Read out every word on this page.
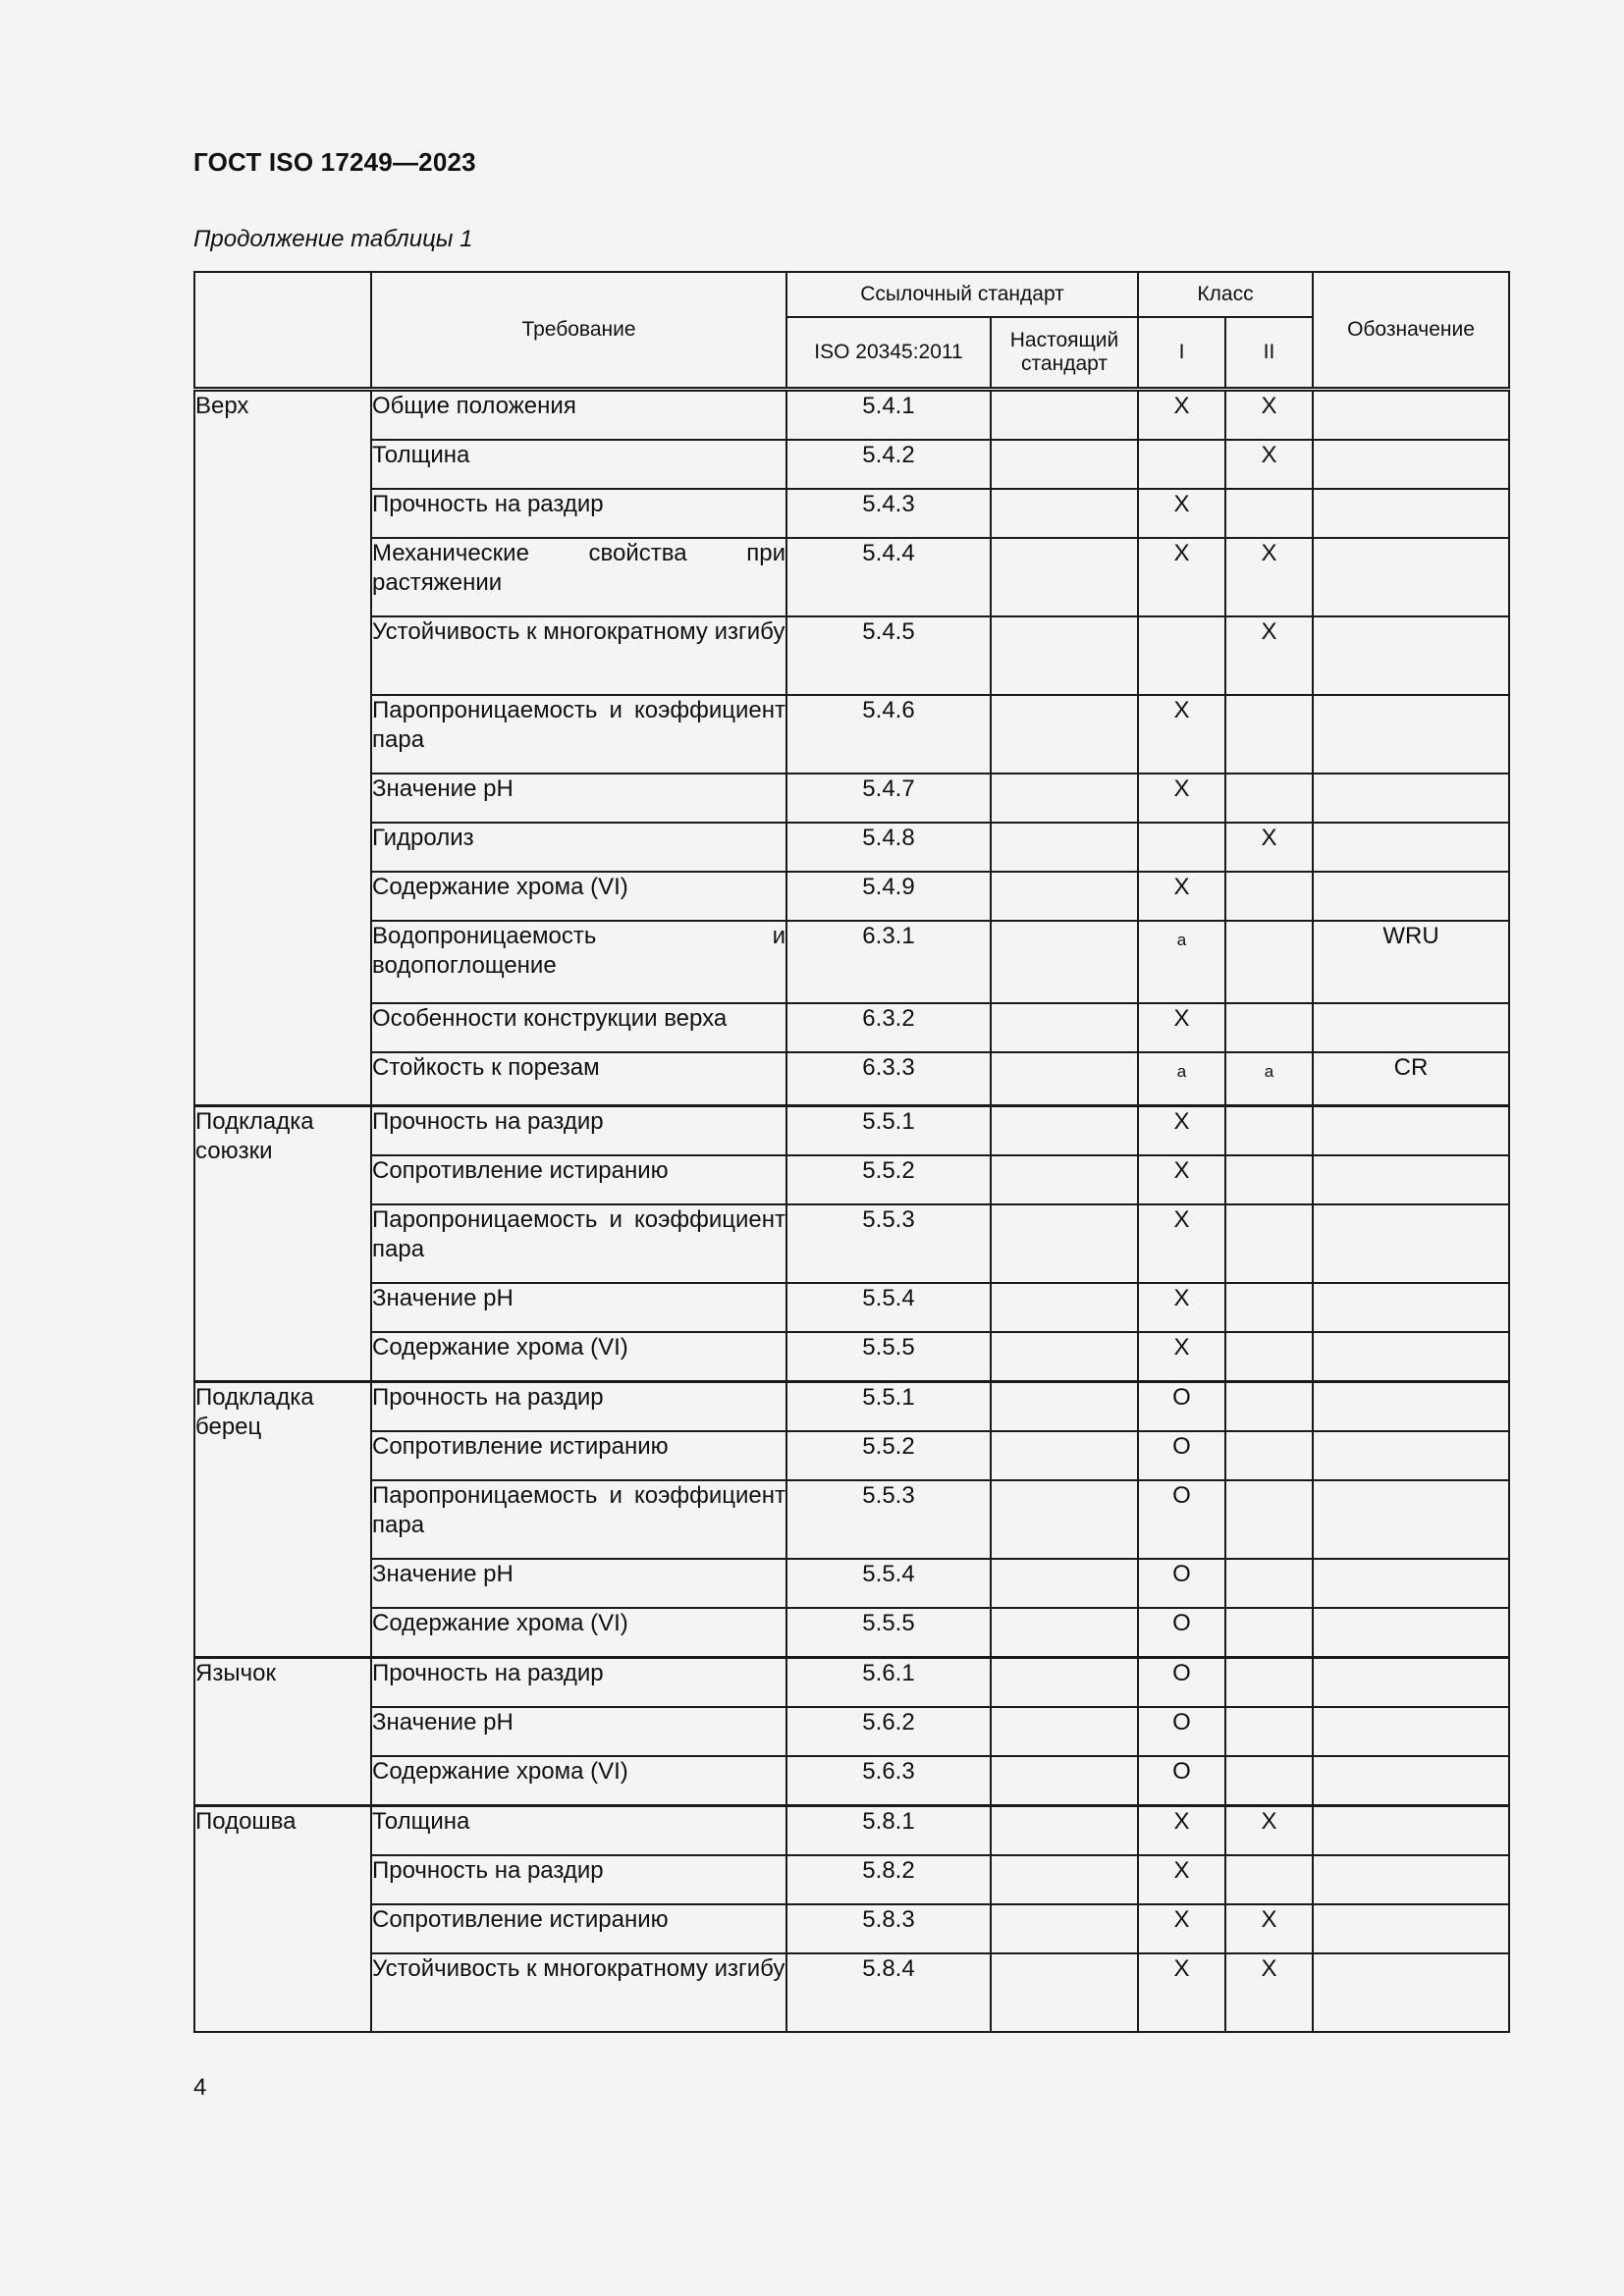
ГОСТ ISO 17249—2023
Продолжение таблицы 1
	Требование	Ссылочный стандарт		Класс		Обозначение
		ISO 20345:2011	Настоящий стандарт	I	II	
Верх	Общие положения	5.4.1		X	X	
	Толщина	5.4.2			X	
	Прочность на раздир	5.4.3		X		
	Механические свойства при растяжении	5.4.4		X	X	
	Устойчивость к многократному изгибу	5.4.5			X	
	Паропроницаемость и коэффициент пара	5.4.6		X		
	Значение pH	5.4.7		X		
	Гидролиз	5.4.8			X	
	Содержание хрома (VI)	5.4.9		X		
	Водопроницаемость и водопоглощение	6.3.1		a		WRU
	Особенности конструкции верха	6.3.2		X		
	Стойкость к порезам	6.3.3		a	a	CR
Подкладка союзки	Прочность на раздир	5.5.1		X		
	Сопротивление истиранию	5.5.2		X		
	Паропроницаемость и коэффициент пара	5.5.3		X		
	Значение pH	5.5.4		X		
	Содержание хрома (VI)	5.5.5		X		
Подкладка берец	Прочность на раздир	5.5.1		O		
	Сопротивление истиранию	5.5.2		O		
	Паропроницаемость и коэффициент пара	5.5.3		O		
	Значение pH	5.5.4		O		
	Содержание хрома (VI)	5.5.5		O		
Язычок	Прочность на раздир	5.6.1		O		
	Значение pH	5.6.2		O		
	Содержание хрома (VI)	5.6.3		O		
Подошва	Толщина	5.8.1		X	X	
	Прочность на раздир	5.8.2		X		
	Сопротивление истиранию	5.8.3		X	X	
	Устойчивость к многократному изгибу	5.8.4		X	X	
4
